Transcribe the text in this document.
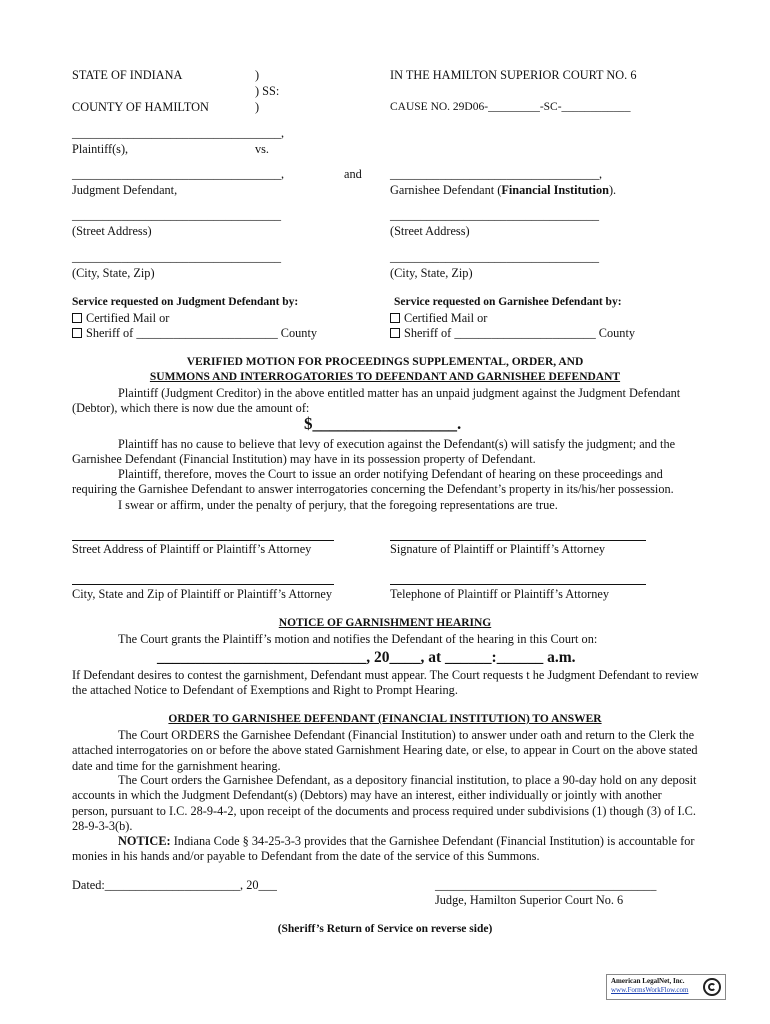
STATE OF INDIANA	)
) SS:
)
COUNTY OF HAMILTON
IN THE HAMILTON SUPERIOR COURT NO. 6
CAUSE NO. 29D06-_________-SC-____________
__________________________________,
Plaintiff(s),	vs.
__________________________________,	and __________________________________,
Judgment Defendant,	Garnishee Defendant (Financial Institution).
__________________________________	__________________________________
(Street Address)	(Street Address)
__________________________________	__________________________________
(City, State, Zip)	(City, State, Zip)
Service requested on Judgment Defendant by:	Service requested on Garnishee Defendant by:
Certified Mail or	Certified Mail or
Sheriff of _______________________ County	Sheriff of _______________________ County
VERIFIED MOTION FOR PROCEEDINGS SUPPLEMENTAL, ORDER, AND
SUMMONS AND INTERROGATORIES TO DEFENDANT AND GARNISHEE DEFENDANT
Plaintiff (Judgment Creditor) in the above entitled matter has an unpaid judgment against the Judgment Defendant (Debtor), which there is now due the amount of:
$_________________.
Plaintiff has no cause to believe that levy of execution against the Defendant(s) will satisfy the judgment; and the Garnishee Defendant (Financial Institution) may have in its possession property of Defendant.
Plaintiff, therefore, moves the Court to issue an order notifying Defendant of hearing on these proceedings and requiring the Garnishee Defendant to answer interrogatories concerning the Defendant’s property in its/his/her possession.
I swear or affirm, under the penalty of perjury, that the foregoing representations are true.
Street Address of Plaintiff or Plaintiff’s Attorney	Signature of Plaintiff or Plaintiff’s Attorney
City, State and Zip of Plaintiff or Plaintiff’s Attorney	Telephone of Plaintiff or Plaintiff’s Attorney
NOTICE OF GARNISHMENT HEARING
The Court grants the Plaintiff’s motion and notifies the Defendant of the hearing in this Court on:
___________________________, 20____, at ______:______ a.m.
If Defendant desires to contest the garnishment, Defendant must appear. The Court requests t he Judgment Defendant to review the attached Notice to Defendant of Exemptions and Right to Prompt Hearing.
ORDER TO GARNISHEE DEFENDANT (FINANCIAL INSTITUTION) TO ANSWER
The Court ORDERS the Garnishee Defendant (Financial Institution) to answer under oath and return to the Clerk the attached interrogatories on or before the above stated Garnishment Hearing date, or else, to appear in Court on the above stated date and time for the garnishment hearing.
The Court orders the Garnishee Defendant, as a depository financial institution, to place a 90-day hold on any deposit accounts in which the Judgment Defendant(s) (Debtors) may have an interest, either individually or jointly with another person, pursuant to I.C. 28-9-4-2, upon receipt of the documents and process required under subdivisions (1) though (3) of I.C. 28-9-3-3(b).
NOTICE: Indiana Code § 34-25-3-3 provides that the Garnishee Defendant (Financial Institution) is accountable for monies in his hands and/or payable to Defendant from the date of the service of this Summons.
Dated:______________________, 20___	____________________________________
Judge, Hamilton Superior Court No. 6
(Sheriff’s Return of Service on reverse side)
American LegalNet, Inc.
www.FormsWorkFlow.com
